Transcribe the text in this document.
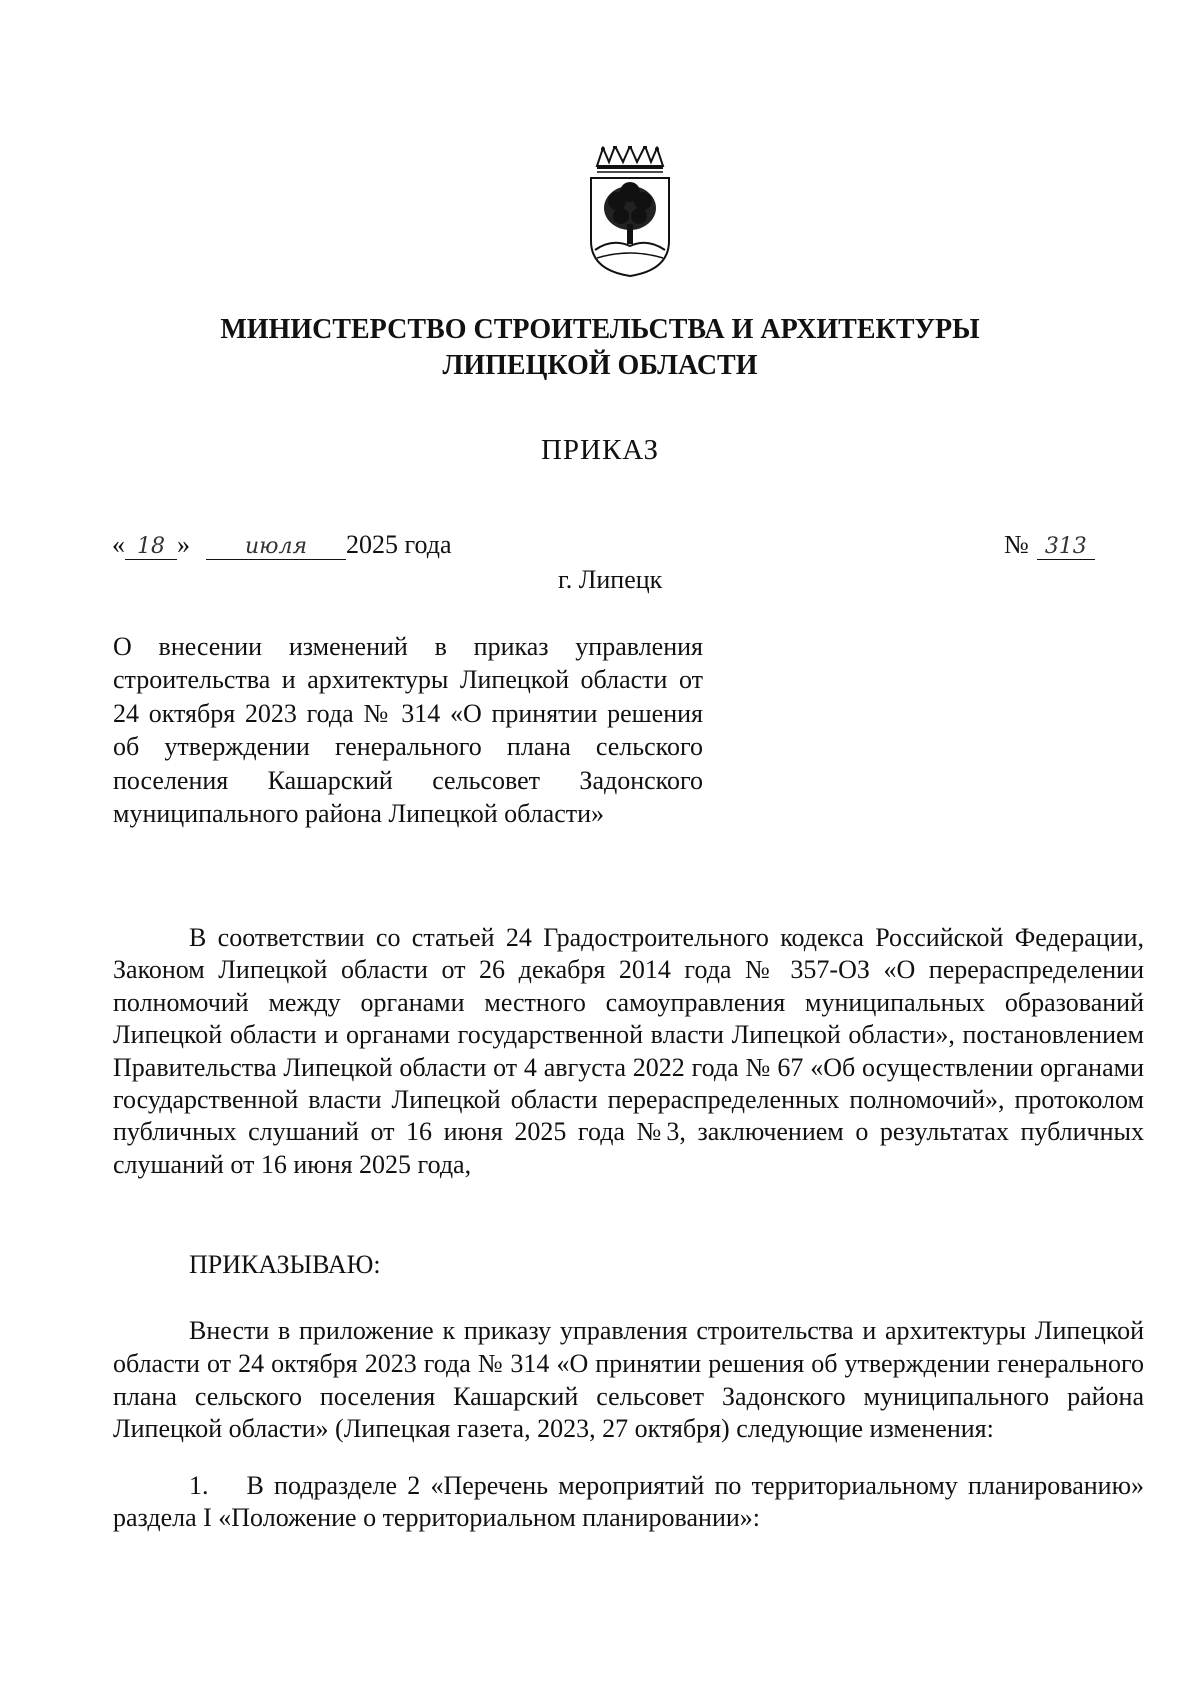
МИНИСТЕРСТВО СТРОИТЕЛЬСТВА И АРХИТЕКТУРЫ
ЛИПЕЦКОЙ ОБЛАСТИ
ПРИКАЗ
« 18 » июля 2025 года	№ 313
г. Липецк

О внесении изменений в приказ управления строительства и архитектуры Липецкой области от 24 октября 2023 года № 314 «О принятии решения об утверждении генерального плана сельского поселения Кашарский сельсовет Задонского муниципального района Липецкой области»

В соответствии со статьей 24 Градостроительного кодекса Российской Федерации, Законом Липецкой области от 26 декабря 2014 года № 357-ОЗ «О перераспределении полномочий между органами местного самоуправления муниципальных образований Липецкой области и органами государственной власти Липецкой области», постановлением Правительства Липецкой области от 4 августа 2022 года № 67 «Об осуществлении органами государственной власти Липецкой области перераспределенных полномочий», протоколом публичных слушаний от 16 июня 2025 года №3, заключением о результатах публичных слушаний от 16 июня 2025 года,

ПРИКАЗЫВАЮ:

Внести в приложение к приказу управления строительства и архитектуры Липецкой области от 24 октября 2023 года № 314 «О принятии решения об утверждении генерального плана сельского поселения Кашарский сельсовет Задонского муниципального района Липецкой области» (Липецкая газета, 2023, 27 октября) следующие изменения:

1. В подразделе 2 «Перечень мероприятий по территориальному планированию» раздела I «Положение о территориальном планировании»:
